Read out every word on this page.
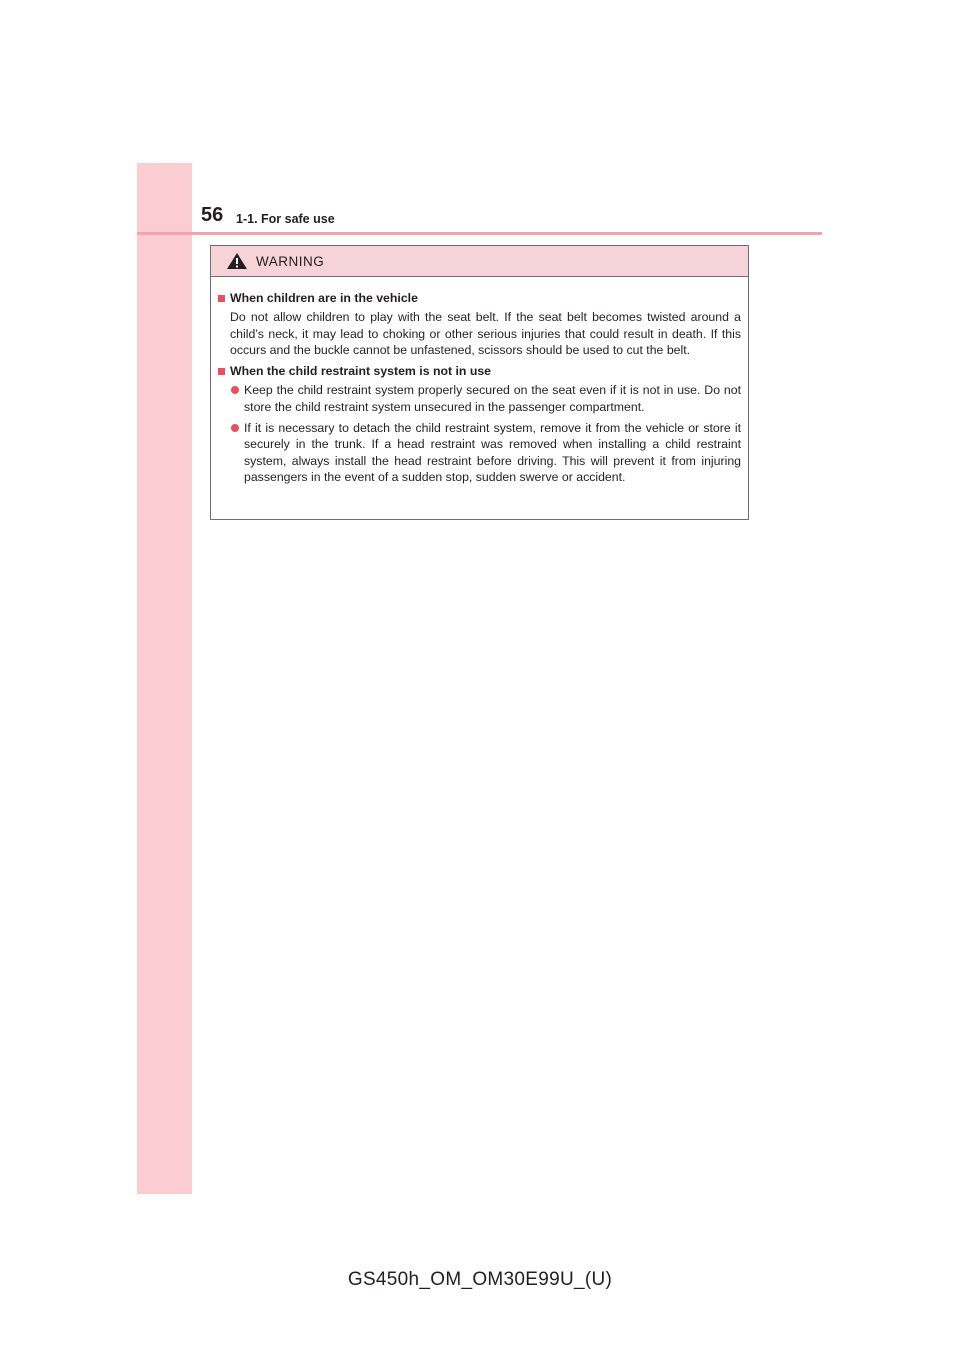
56 1-1. For safe use
WARNING
When children are in the vehicle
Do not allow children to play with the seat belt. If the seat belt becomes twisted around a child’s neck, it may lead to choking or other serious injuries that could result in death. If this occurs and the buckle cannot be unfastened, scissors should be used to cut the belt.
When the child restraint system is not in use
Keep the child restraint system properly secured on the seat even if it is not in use. Do not store the child restraint system unsecured in the passenger compartment.
If it is necessary to detach the child restraint system, remove it from the vehicle or store it securely in the trunk. If a head restraint was removed when installing a child restraint system, always install the head restraint before driving. This will prevent it from injuring passengers in the event of a sudden stop, sudden swerve or accident.
GS450h_OM_OM30E99U_(U)
